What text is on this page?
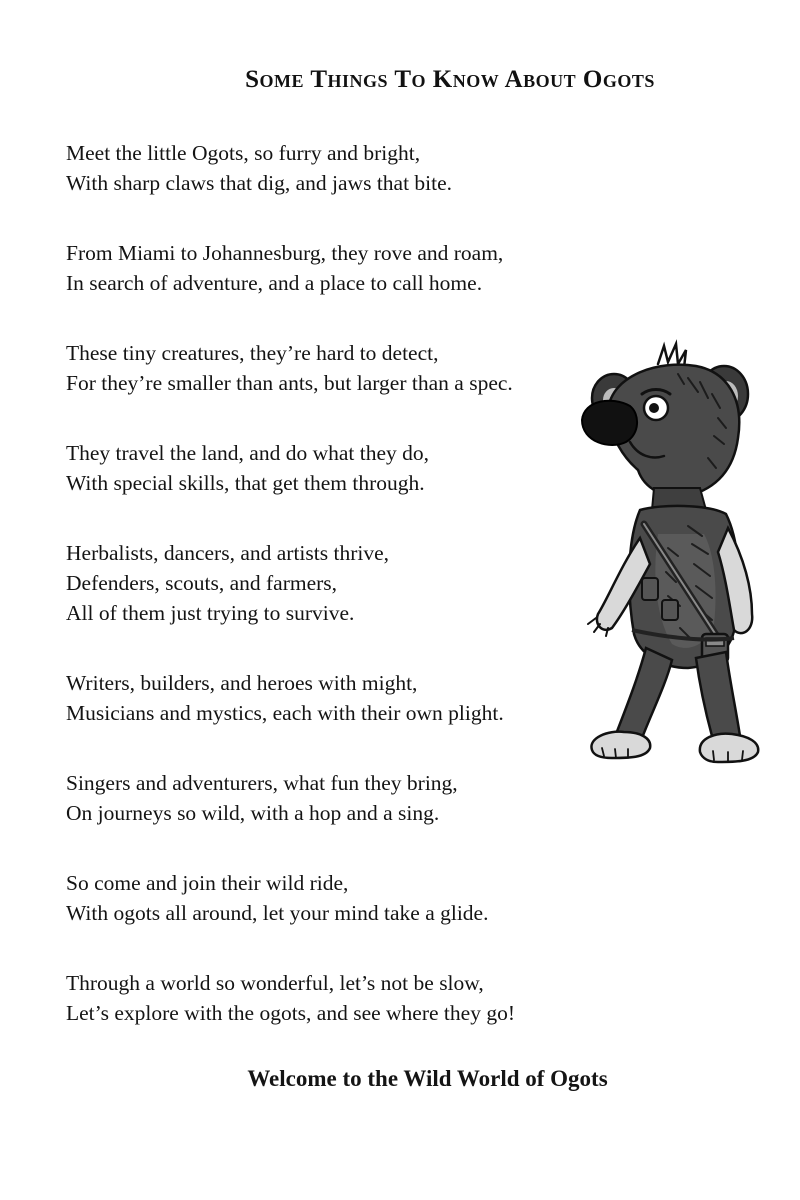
Some Things To Know About Ogots

Meet the little Ogots, so furry and bright,
With sharp claws that dig, and jaws that bite.

From Miami to Johannesburg, they rove and roam,
In search of adventure, and a place to call home.

These tiny creatures, they’re hard to detect,
For they’re smaller than ants, but larger than a spec.

They travel the land, and do what they do,
With special skills, that get them through.

Herbalists, dancers, and artists thrive,
Defenders, scouts, and farmers,
All of them just trying to survive.

Writers, builders, and heroes with might,
Musicians and mystics, each with their own plight.

Singers and adventurers, what fun they bring,
On journeys so wild, with a hop and a sing.

So come and join their wild ride,
With ogots all around, let your mind take a glide.

Through a world so wonderful, let’s not be slow,
Let’s explore with the ogots, and see where they go!

Welcome to the Wild World of Ogots
